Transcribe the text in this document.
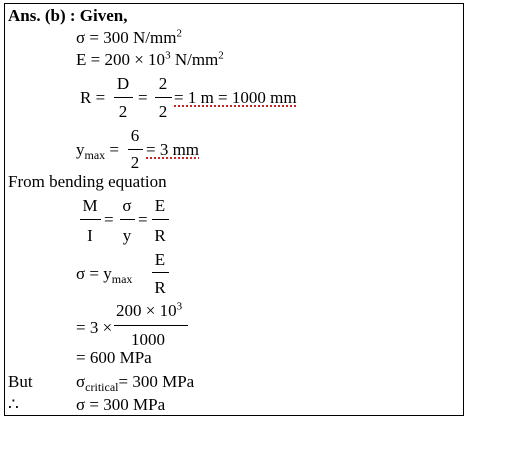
Ans. (b) : Given,
σ = 300 $N/mm^2$
$E = 200 \times 10^3$ $N/mm^2$
R =
D
2
=
2
2
= 1 m = 1000 mm
$y_{max}$ =
6
2
= 3 mm
From bending equation
M
I
=
σ
y
=
E
R
$\sigma = y_{max}$
E
R
= 3 ×
$200 \times 10^3$
1000
= 600 MPa
But	$\sigma_{critical}= 300$ MPa
∴	σ = 300 MPa
